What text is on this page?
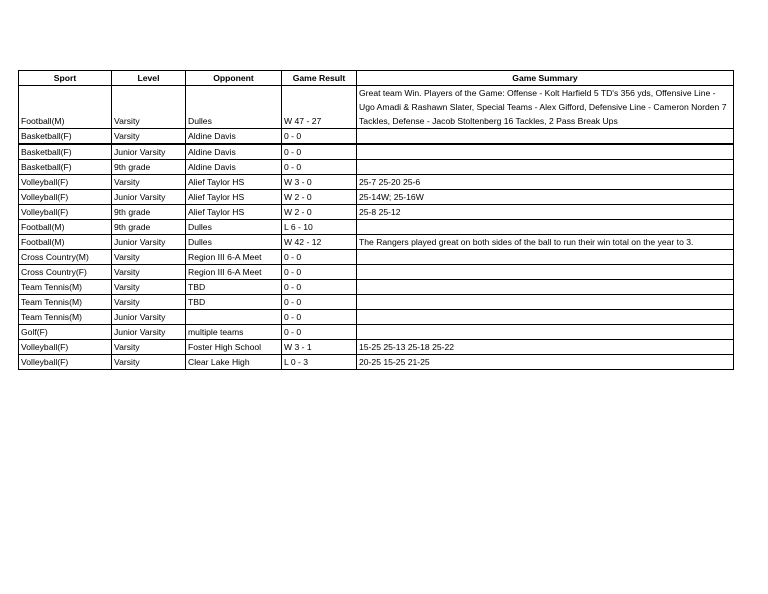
Sport	Level	Opponent	Game Result	Game Summary
Football(M)	Varsity	Dulles	W 47 - 27	Great team Win. Players of the Game: Offense - Kolt Harfield 5 TD's 356 yds, Offensive Line - Ugo Amadi & Rashawn Slater, Special Teams - Alex Gifford, Defensive Line - Cameron Norden 7 Tackles, Defense - Jacob Stoltenberg 16 Tackles, 2 Pass Break Ups
Basketball(F)	Varsity	Aldine Davis	0 - 0	
Basketball(F)	Junior Varsity	Aldine Davis	0 - 0	
Basketball(F)	9th grade	Aldine Davis	0 - 0	
Volleyball(F)	Varsity	Alief Taylor HS	W 3 - 0	25-7 25-20 25-6
Volleyball(F)	Junior Varsity	Alief Taylor HS	W 2 - 0	25-14W; 25-16W
Volleyball(F)	9th grade	Alief Taylor HS	W 2 - 0	25-8 25-12
Football(M)	9th grade	Dulles	L 6 - 10	
Football(M)	Junior Varsity	Dulles	W 42 - 12	The Rangers played great on both sides of the ball to run their win total on the year to 3.
Cross Country(M)	Varsity	Region III 6-A Meet	0 - 0	
Cross Country(F)	Varsity	Region III 6-A Meet	0 - 0	
Team Tennis(M)	Varsity	TBD	0 - 0	
Team Tennis(M)	Varsity	TBD	0 - 0	
Team Tennis(M)	Junior Varsity		0 - 0	
Golf(F)	Junior Varsity	multiple teams	0 - 0	
Volleyball(F)	Varsity	Foster High School	W 3 - 1	15-25 25-13 25-18 25-22
Volleyball(F)	Varsity	Clear Lake High	L 0 - 3	20-25 15-25 21-25
